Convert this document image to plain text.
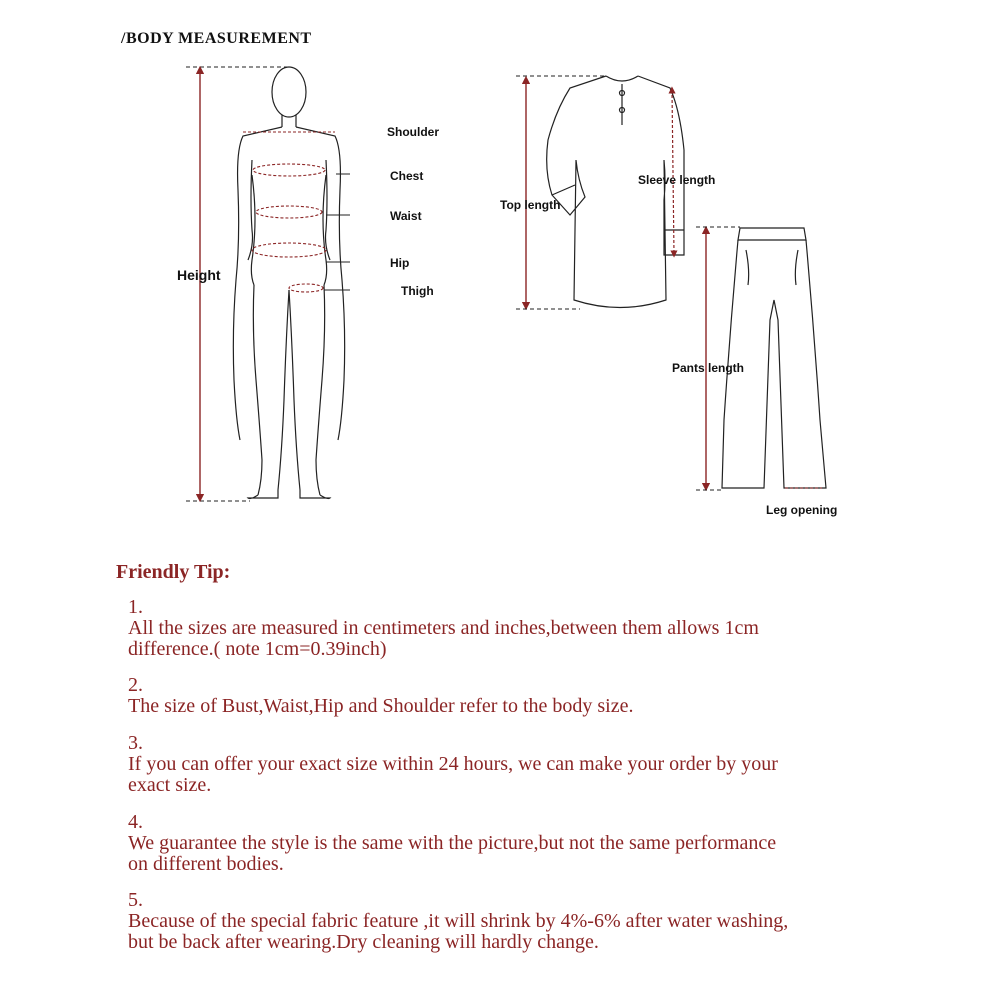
/BODY MEASUREMENT
Shoulder
Chest
Waist
Hip
Thigh
Height
Top length
Sleeve length
Pants length
Leg opening
Friendly Tip:
1.
All the sizes are measured in centimeters and inches,between them allows 1cm
difference.( note 1cm=0.39inch)
2.
The size of Bust,Waist,Hip and Shoulder refer to the body size.
3.
If you can offer your exact size within 24 hours, we can make your order by your
exact size.
4.
We guarantee the style is the same with the picture,but not the same performance
on different bodies.
5.
Because of the special fabric feature ,it will shrink by 4%-6% after water washing,
but be back after wearing.Dry cleaning will hardly change.
